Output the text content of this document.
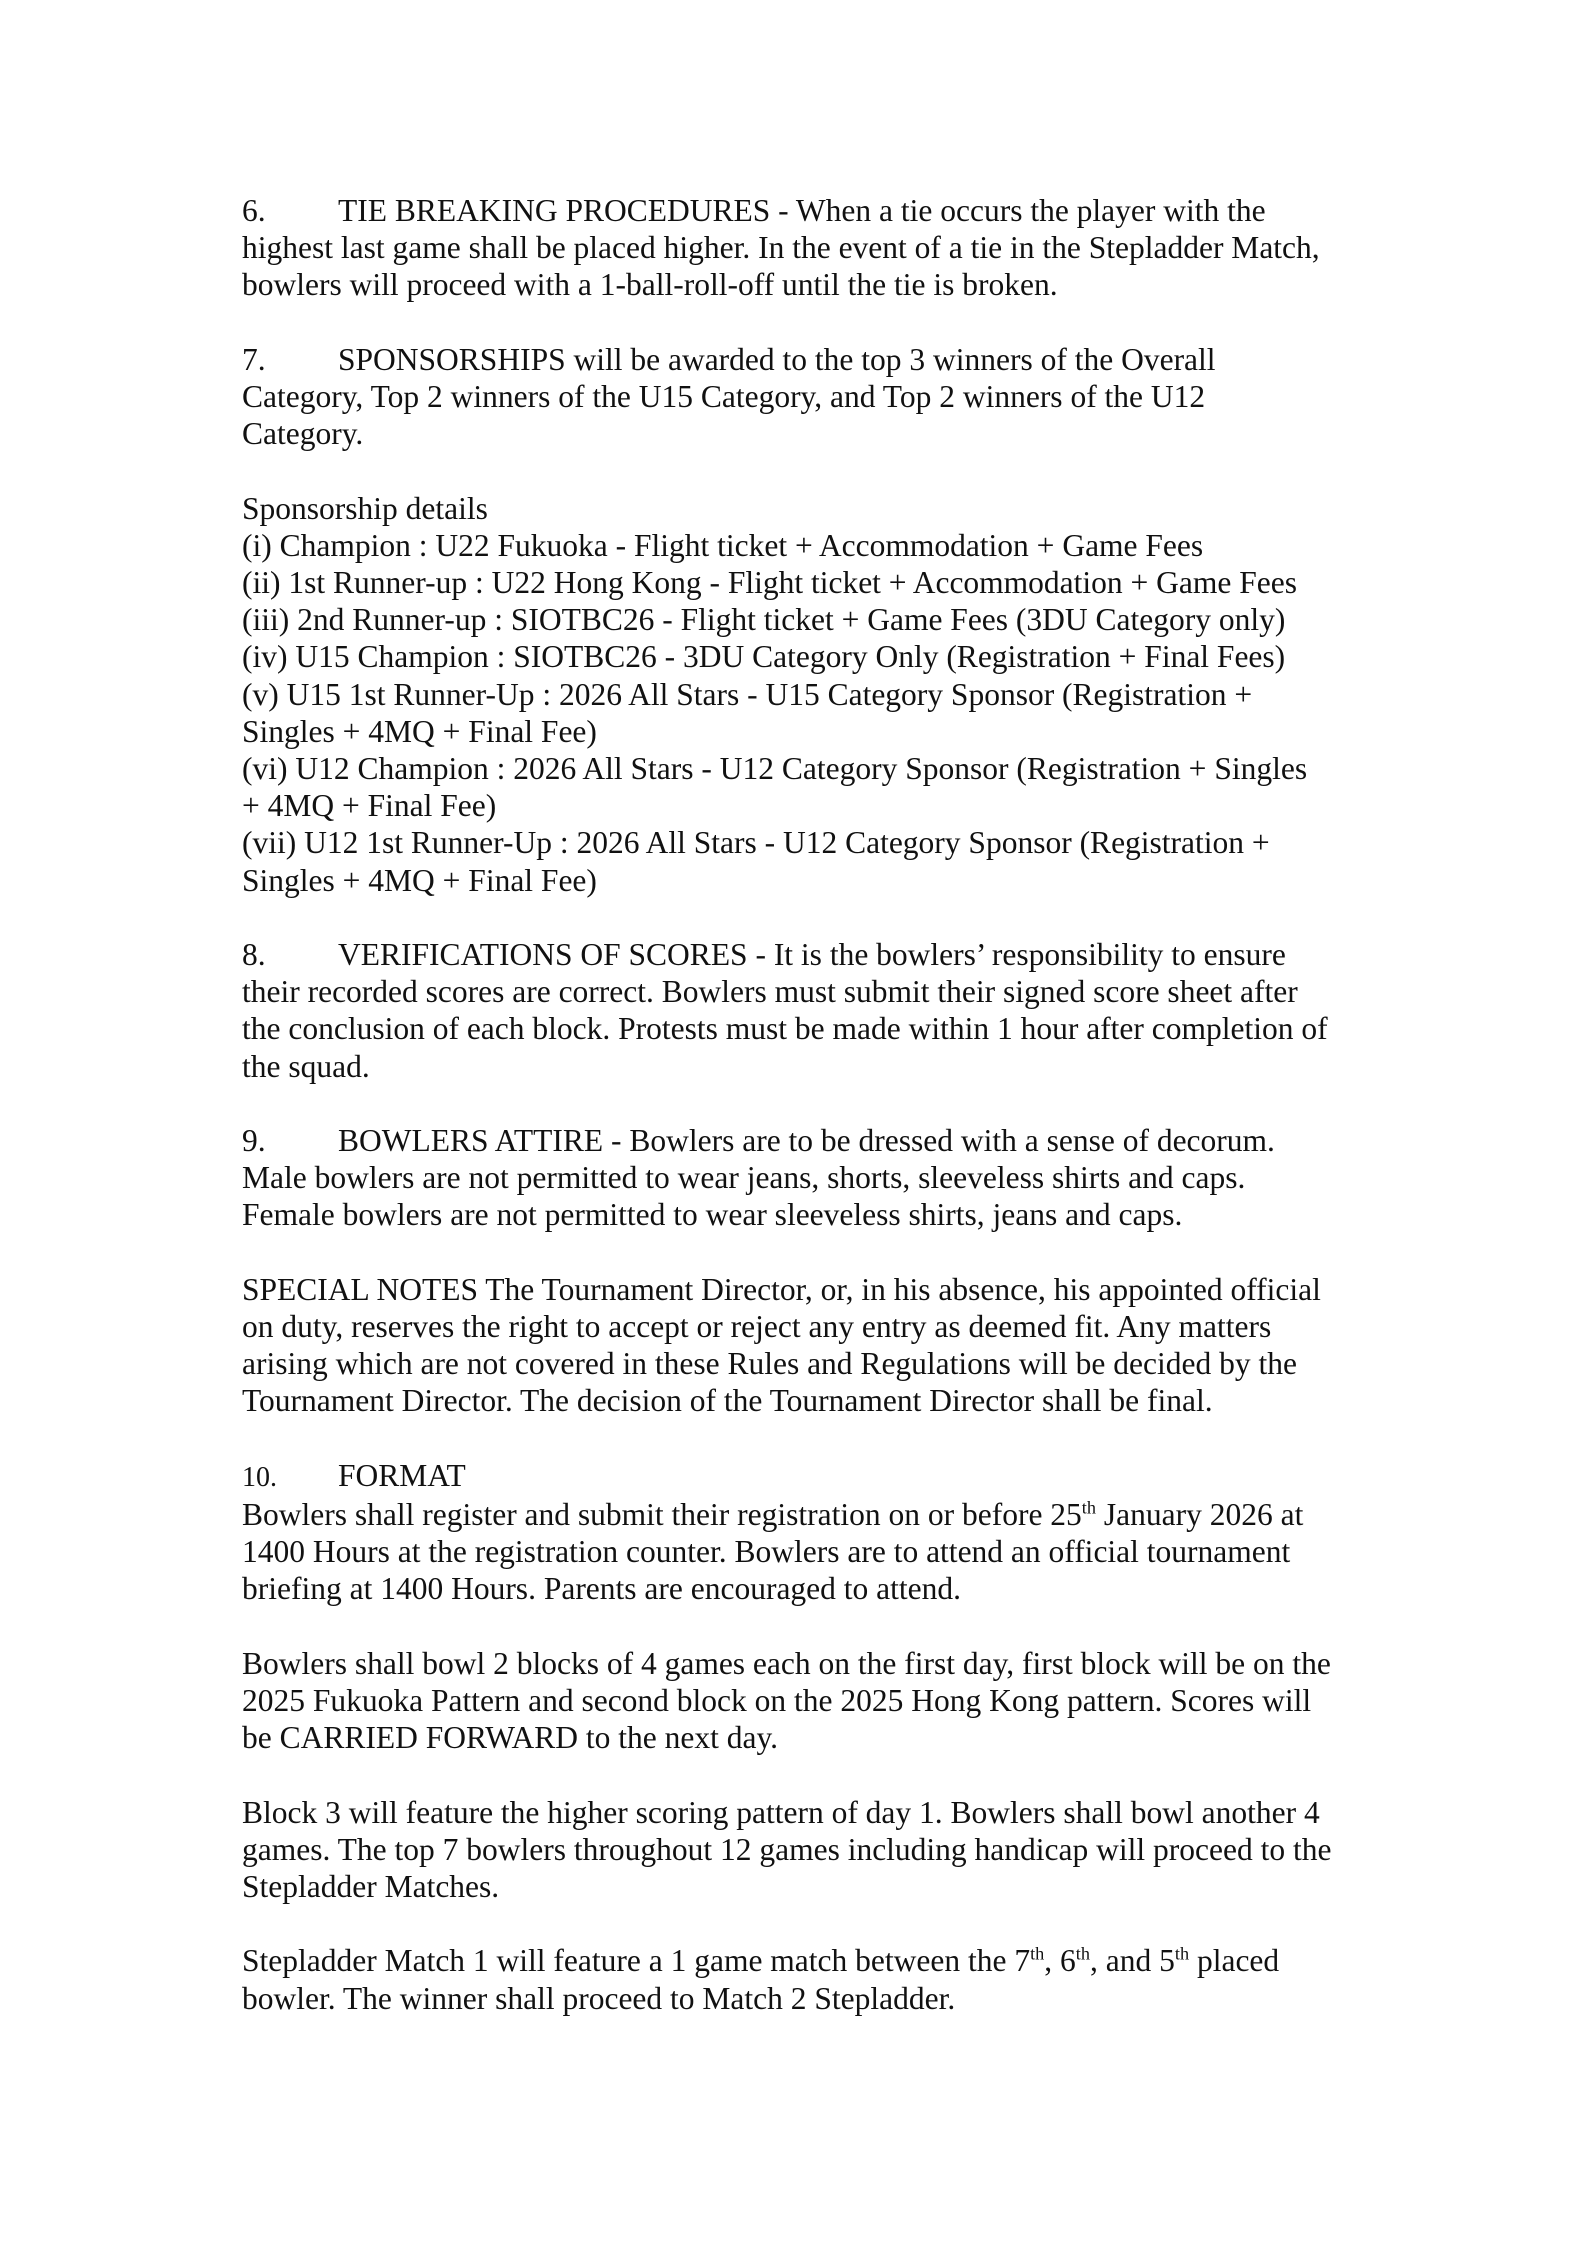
6. TIE BREAKING PROCEDURES - When a tie occurs the player with the
highest last game shall be placed higher. In the event of a tie in the Stepladder Match,
bowlers will proceed with a 1-ball-roll-off until the tie is broken.
7. SPONSORSHIPS will be awarded to the top 3 winners of the Overall
Category, Top 2 winners of the U15 Category, and Top 2 winners of the U12
Category.
Sponsorship details
(i) Champion : U22 Fukuoka - Flight ticket + Accommodation + Game Fees
(ii) 1st Runner-up : U22 Hong Kong - Flight ticket + Accommodation + Game Fees
(iii) 2nd Runner-up : SIOTBC26 - Flight ticket + Game Fees (3DU Category only)
(iv) U15 Champion : SIOTBC26 - 3DU Category Only (Registration + Final Fees)
(v) U15 1st Runner-Up : 2026 All Stars - U15 Category Sponsor (Registration +
Singles + 4MQ + Final Fee)
(vi) U12 Champion : 2026 All Stars - U12 Category Sponsor (Registration + Singles
+ 4MQ + Final Fee)
(vii) U12 1st Runner-Up : 2026 All Stars - U12 Category Sponsor (Registration +
Singles + 4MQ + Final Fee)
8. VERIFICATIONS OF SCORES - It is the bowlers’ responsibility to ensure
their recorded scores are correct. Bowlers must submit their signed score sheet after
the conclusion of each block. Protests must be made within 1 hour after completion of
the squad.
9. BOWLERS ATTIRE - Bowlers are to be dressed with a sense of decorum.
Male bowlers are not permitted to wear jeans, shorts, sleeveless shirts and caps.
Female bowlers are not permitted to wear sleeveless shirts, jeans and caps.
SPECIAL NOTES The Tournament Director, or, in his absence, his appointed official
on duty, reserves the right to accept or reject any entry as deemed fit. Any matters
arising which are not covered in these Rules and Regulations will be decided by the
Tournament Director. The decision of the Tournament Director shall be final.
10. FORMAT
Bowlers shall register and submit their registration on or before 25th January 2026 at
1400 Hours at the registration counter. Bowlers are to attend an official tournament
briefing at 1400 Hours. Parents are encouraged to attend.
Bowlers shall bowl 2 blocks of 4 games each on the first day, first block will be on the
2025 Fukuoka Pattern and second block on the 2025 Hong Kong pattern. Scores will
be CARRIED FORWARD to the next day.
Block 3 will feature the higher scoring pattern of day 1. Bowlers shall bowl another 4
games. The top 7 bowlers throughout 12 games including handicap will proceed to the
Stepladder Matches.
Stepladder Match 1 will feature a 1 game match between the 7th, 6th, and 5th placed
bowler. The winner shall proceed to Match 2 Stepladder.
